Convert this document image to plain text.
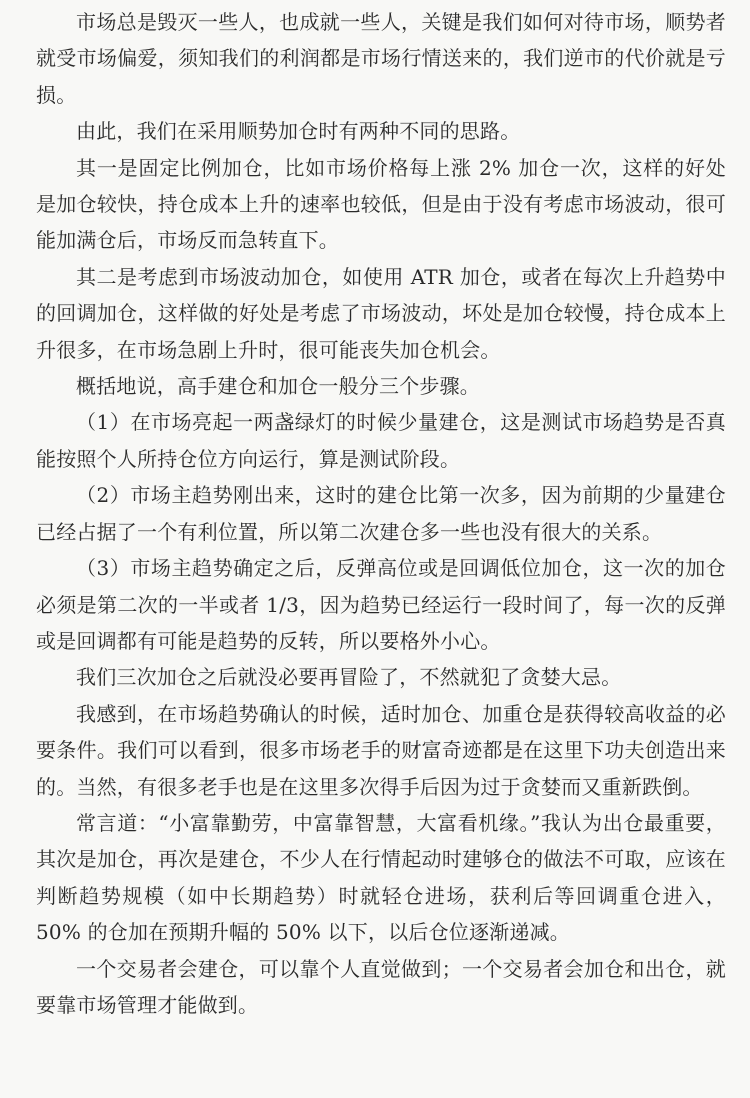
市场总是毁灭一些人，也成就一些人，关键是我们如何对待市场，顺势者就受市场偏爱，须知我们的利润都是市场行情送来的，我们逆市的代价就是亏损。

由此，我们在采用顺势加仓时有两种不同的思路。

其一是固定比例加仓，比如市场价格每上涨 2% 加仓一次，这样的好处是加仓较快，持仓成本上升的速率也较低，但是由于没有考虑市场波动，很可能加满仓后，市场反而急转直下。

其二是考虑到市场波动加仓，如使用 ATR 加仓，或者在每次上升趋势中的回调加仓，这样做的好处是考虑了市场波动，坏处是加仓较慢，持仓成本上升很多，在市场急剧上升时，很可能丧失加仓机会。

概括地说，高手建仓和加仓一般分三个步骤。

（1）在市场亮起一两盏绿灯的时候少量建仓，这是测试市场趋势是否真能按照个人所持仓位方向运行，算是测试阶段。

（2）市场主趋势刚出来，这时的建仓比第一次多，因为前期的少量建仓已经占据了一个有利位置，所以第二次建仓多一些也没有很大的关系。

（3）市场主趋势确定之后，反弹高位或是回调低位加仓，这一次的加仓必须是第二次的一半或者 1/3，因为趋势已经运行一段时间了，每一次的反弹或是回调都有可能是趋势的反转，所以要格外小心。

我们三次加仓之后就没必要再冒险了，不然就犯了贪婪大忌。

我感到，在市场趋势确认的时候，适时加仓、加重仓是获得较高收益的必要条件。我们可以看到，很多市场老手的财富奇迹都是在这里下功夫创造出来的。当然，有很多老手也是在这里多次得手后因为过于贪婪而又重新跌倒。

常言道：“小富靠勤劳，中富靠智慧，大富看机缘。”我认为出仓最重要，其次是加仓，再次是建仓，不少人在行情起动时建够仓的做法不可取，应该在判断趋势规模（如中长期趋势）时就轻仓进场，获利后等回调重仓进入，50% 的仓加在预期升幅的 50% 以下，以后仓位逐渐递减。

一个交易者会建仓，可以靠个人直觉做到；一个交易者会加仓和出仓，就要靠市场管理才能做到。
